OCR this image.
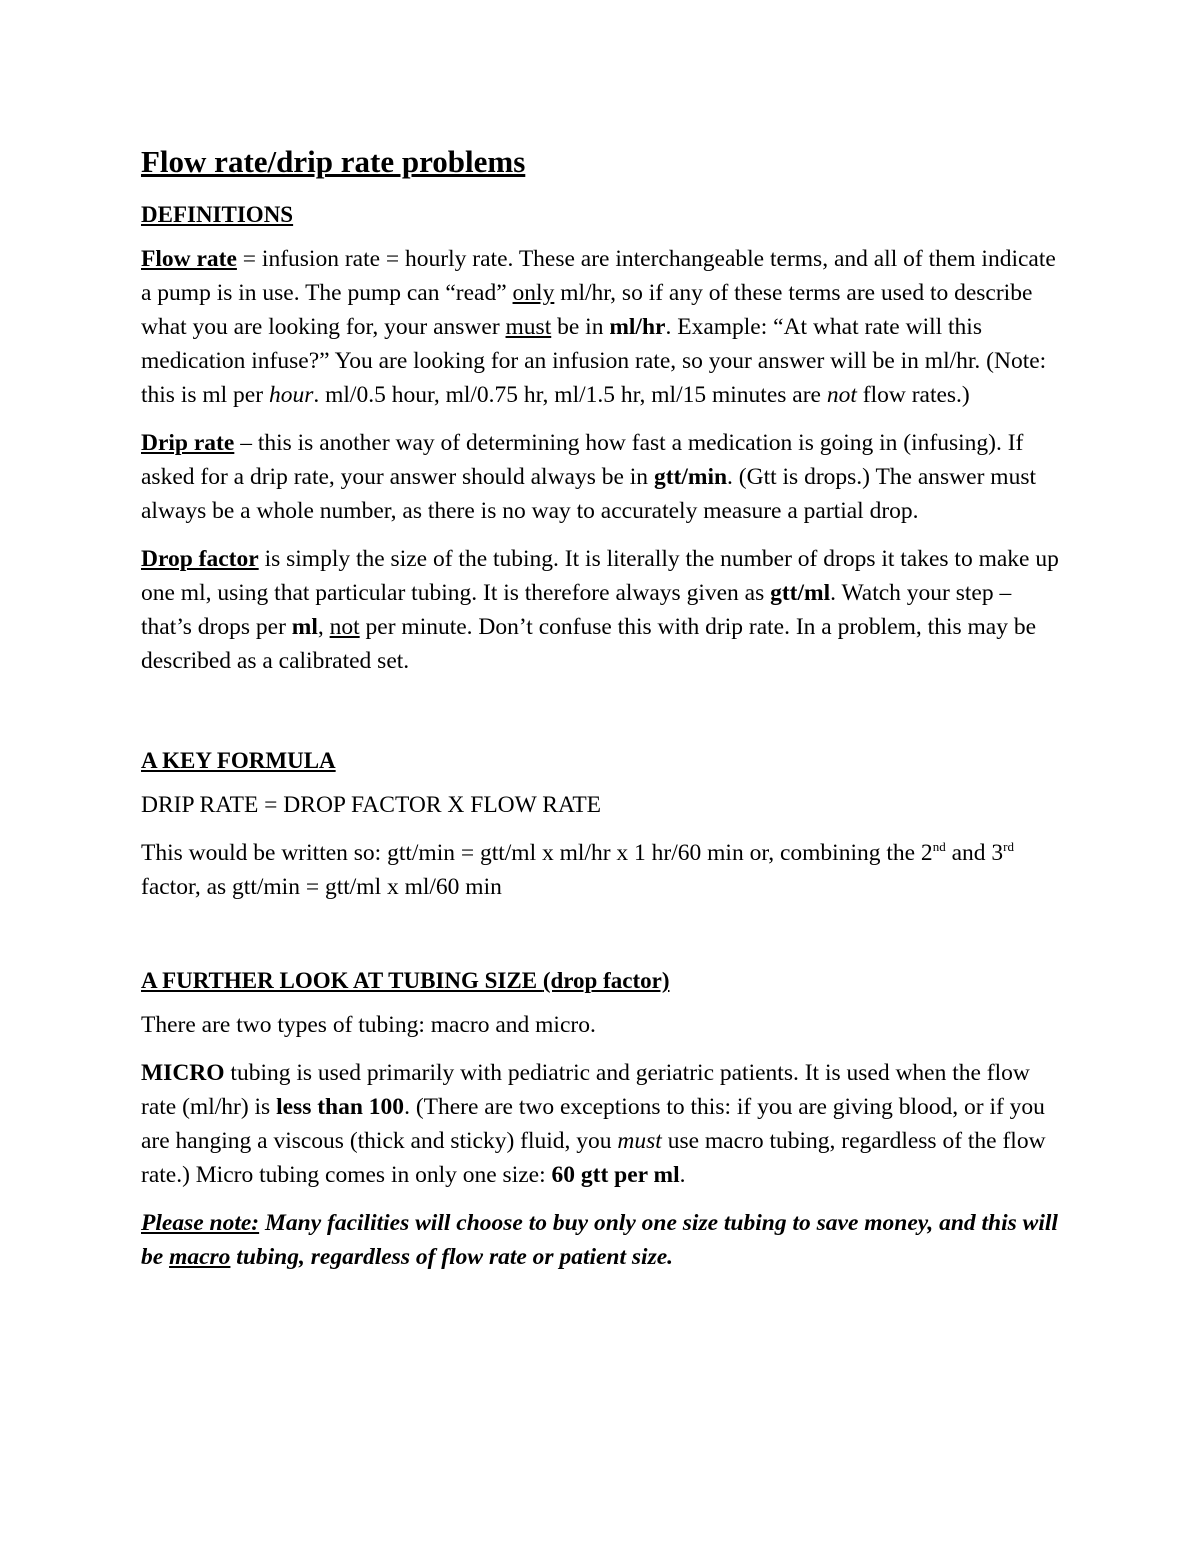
Flow rate/drip rate problems
DEFINITIONS

Flow rate = infusion rate = hourly rate. These are interchangeable terms, and all of them indicate a pump is in use. The pump can “read” only ml/hr, so if any of these terms are used to describe what you are looking for, your answer must be in ml/hr. Example: “At what rate will this medication infuse?” You are looking for an infusion rate, so your answer will be in ml/hr. (Note: this is ml per hour. ml/0.5 hour, ml/0.75 hr, ml/1.5 hr, ml/15 minutes are not flow rates.)

Drip rate – this is another way of determining how fast a medication is going in (infusing). If asked for a drip rate, your answer should always be in gtt/min. (Gtt is drops.) The answer must always be a whole number, as there is no way to accurately measure a partial drop.

Drop factor is simply the size of the tubing. It is literally the number of drops it takes to make up one ml, using that particular tubing. It is therefore always given as gtt/ml. Watch your step – that’s drops per ml, not per minute. Don’t confuse this with drip rate. In a problem, this may be described as a calibrated set.

A KEY FORMULA

DRIP RATE = DROP FACTOR X FLOW RATE

This would be written so: gtt/min = gtt/ml x ml/hr x 1 hr/60 min or, combining the 2nd and 3rd factor, as gtt/min = gtt/ml x ml/60 min

A FURTHER LOOK AT TUBING SIZE (drop factor)

There are two types of tubing: macro and micro.

MICRO tubing is used primarily with pediatric and geriatric patients. It is used when the flow rate (ml/hr) is less than 100. (There are two exceptions to this: if you are giving blood, or if you are hanging a viscous (thick and sticky) fluid, you must use macro tubing, regardless of the flow rate.) Micro tubing comes in only one size: 60 gtt per ml.

Please note: Many facilities will choose to buy only one size tubing to save money, and this will be macro tubing, regardless of flow rate or patient size.
